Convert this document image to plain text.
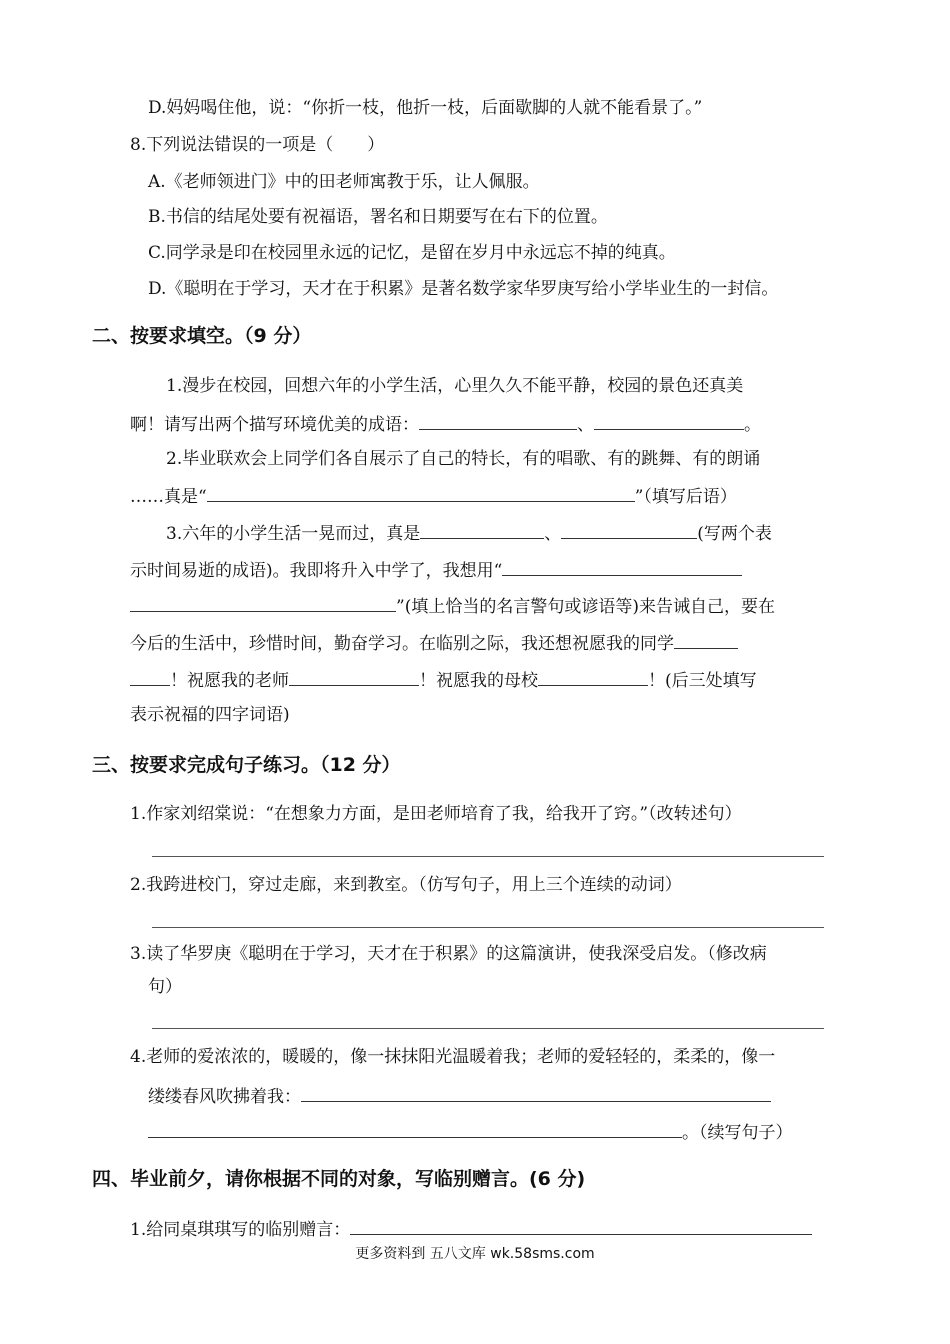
D.妈妈喝住他，说：“你折一枝，他折一枝，后面歇脚的人就不能看景了。”
8.下列说法错误的一项是（　　）
A.《老师领进门》中的田老师寓教于乐，让人佩服。
B.书信的结尾处要有祝福语，署名和日期要写在右下的位置。
C.同学录是印在校园里永远的记忆，是留在岁月中永远忘不掉的纯真。
D.《聪明在于学习，天才在于积累》是著名数学家华罗庚写给小学毕业生的一封信。
二、按要求填空。（9 分）
1.漫步在校园，回想六年的小学生活，心里久久不能平静，校园的景色还真美
啊！请写出两个描写环境优美的成语：	、	。
2.毕业联欢会上同学们各自展示了自己的特长，有的唱歌、有的跳舞、有的朗诵
……真是“	”（填写后语）
3.六年的小学生活一晃而过，真是	、	(写两个表
示时间易逝的成语)。我即将升入中学了，我想用“
”(填上恰当的名言警句或谚语等)来告诫自己，要在
今后的生活中，珍惜时间，勤奋学习。在临别之际，我还想祝愿我的同学
！祝愿我的老师	！祝愿我的母校	！(后三处填写
表示祝福的四字词语)
三、按要求完成句子练习。（12 分）
1.作家刘绍棠说：“在想象力方面，是田老师培育了我，给我开了窍。”（改转述句）
2.我跨进校门，穿过走廊，来到教室。（仿写句子，用上三个连续的动词）
3.读了华罗庚《聪明在于学习，天才在于积累》的这篇演讲，使我深受启发。（修改病
句）
4.老师的爱浓浓的，暖暖的，像一抹抹阳光温暖着我；老师的爱轻轻的，柔柔的，像一
缕缕春风吹拂着我：
。（续写句子）
四、毕业前夕，请你根据不同的对象，写临别赠言。(6 分)
1.给同桌琪琪写的临别赠言：
更多资料到 五八文库 wk.58sms.com
